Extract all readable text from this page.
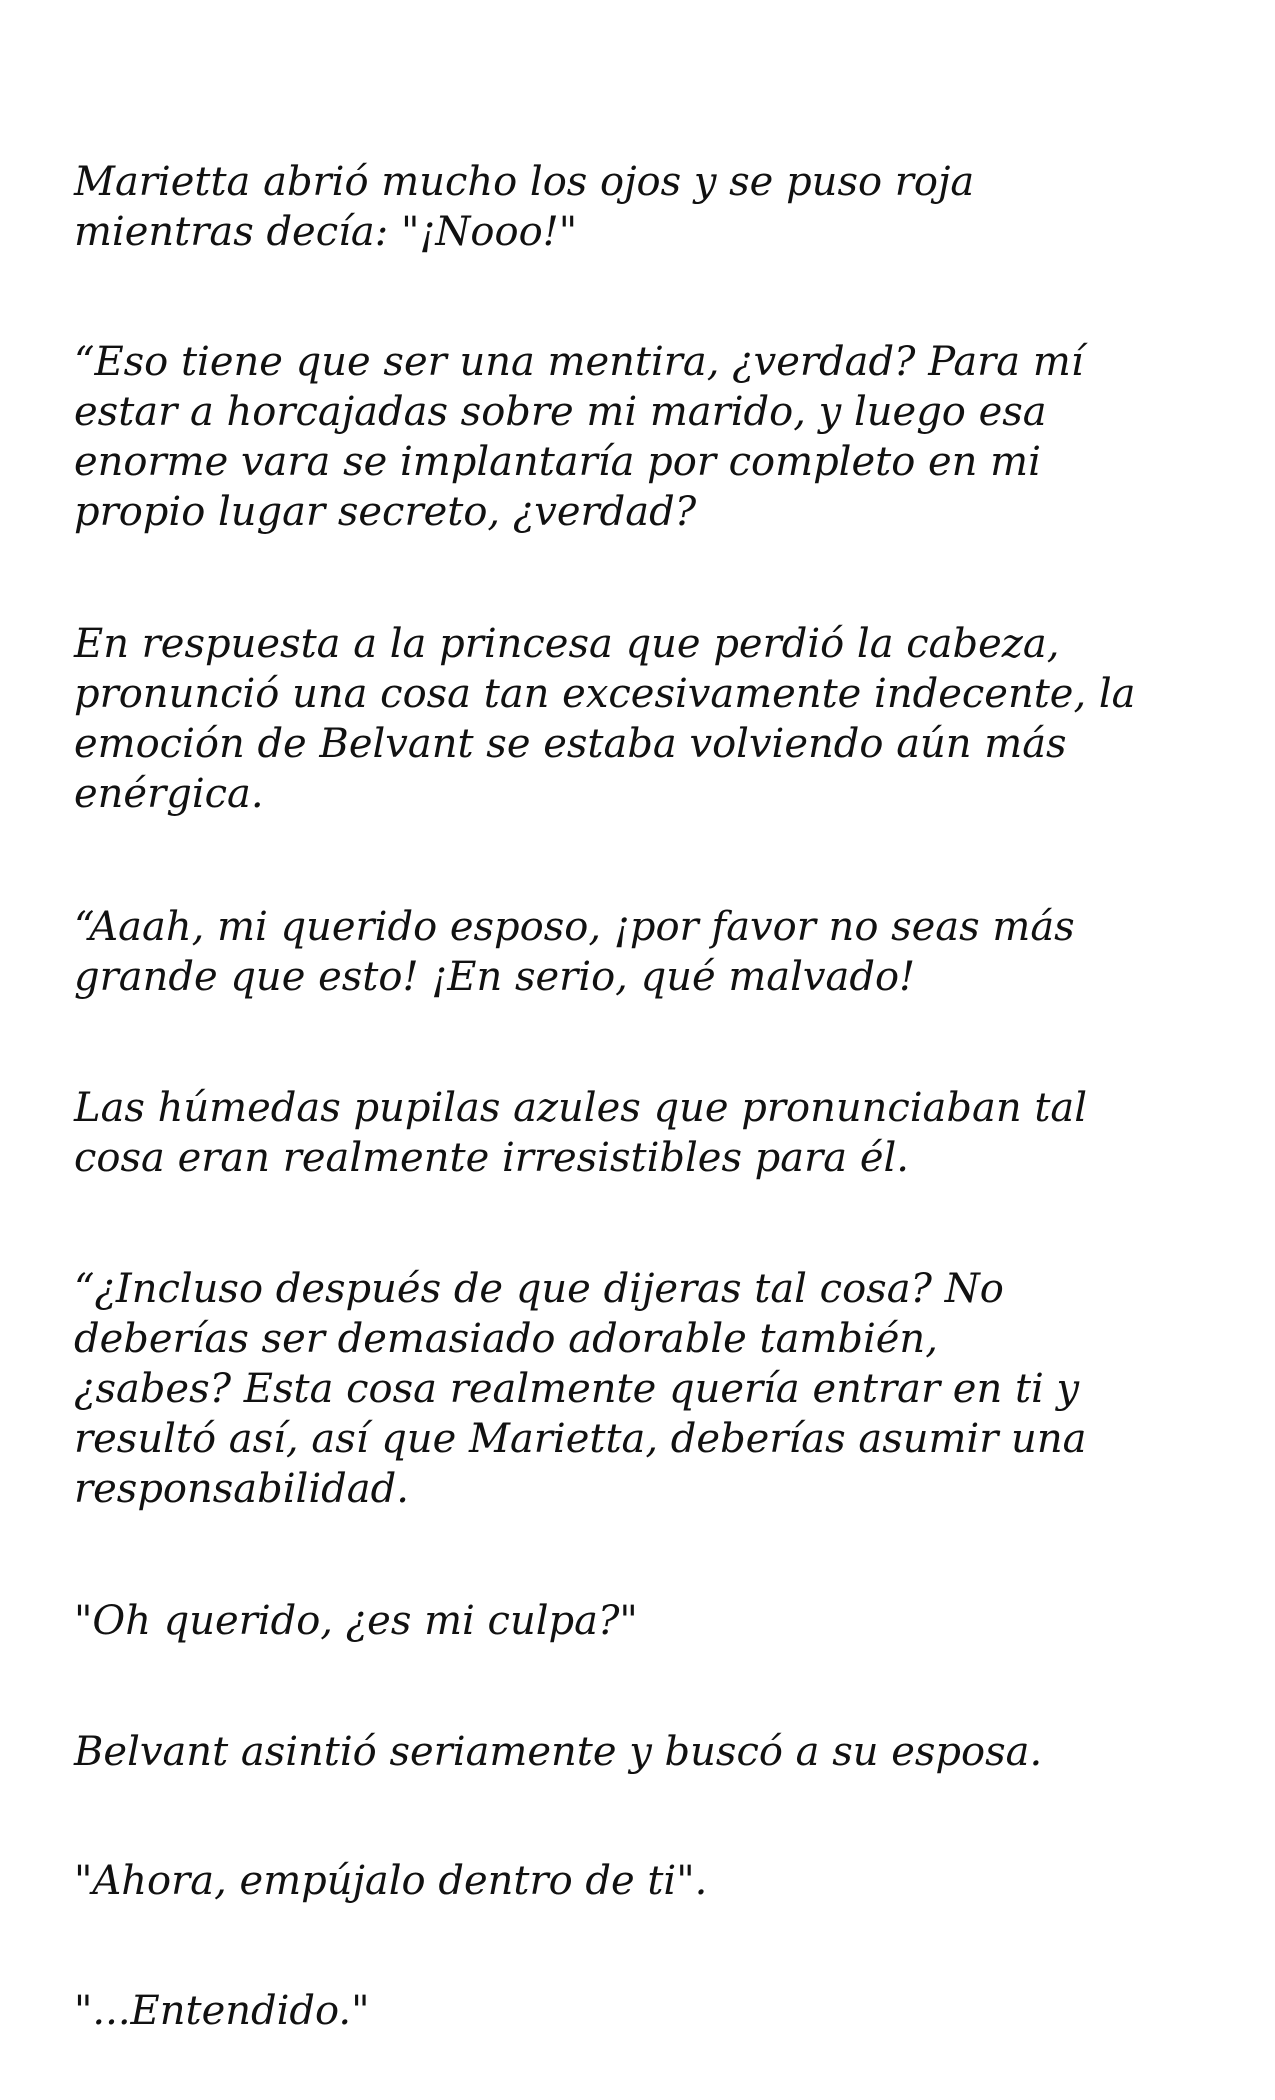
Marietta abrió mucho los ojos y se puso roja
mientras decía: "¡Nooo!"

“Eso tiene que ser una mentira, ¿verdad? Para mí
estar a horcajadas sobre mi marido, y luego esa
enorme vara se implantaría por completo en mi
propio lugar secreto, ¿verdad?

En respuesta a la princesa que perdió la cabeza,
pronunció una cosa tan excesivamente indecente, la
emoción de Belvant se estaba volviendo aún más
enérgica.

“Aaah, mi querido esposo, ¡por favor no seas más
grande que esto! ¡En serio, qué malvado!

Las húmedas pupilas azules que pronunciaban tal
cosa eran realmente irresistibles para él.

“¿Incluso después de que dijeras tal cosa? No
deberías ser demasiado adorable también,
¿sabes? Esta cosa realmente quería entrar en ti y
resultó así, así que Marietta, deberías asumir una
responsabilidad.

"Oh querido, ¿es mi culpa?"

Belvant asintió seriamente y buscó a su esposa.

"Ahora, empújalo dentro de ti".

"...Entendido."
